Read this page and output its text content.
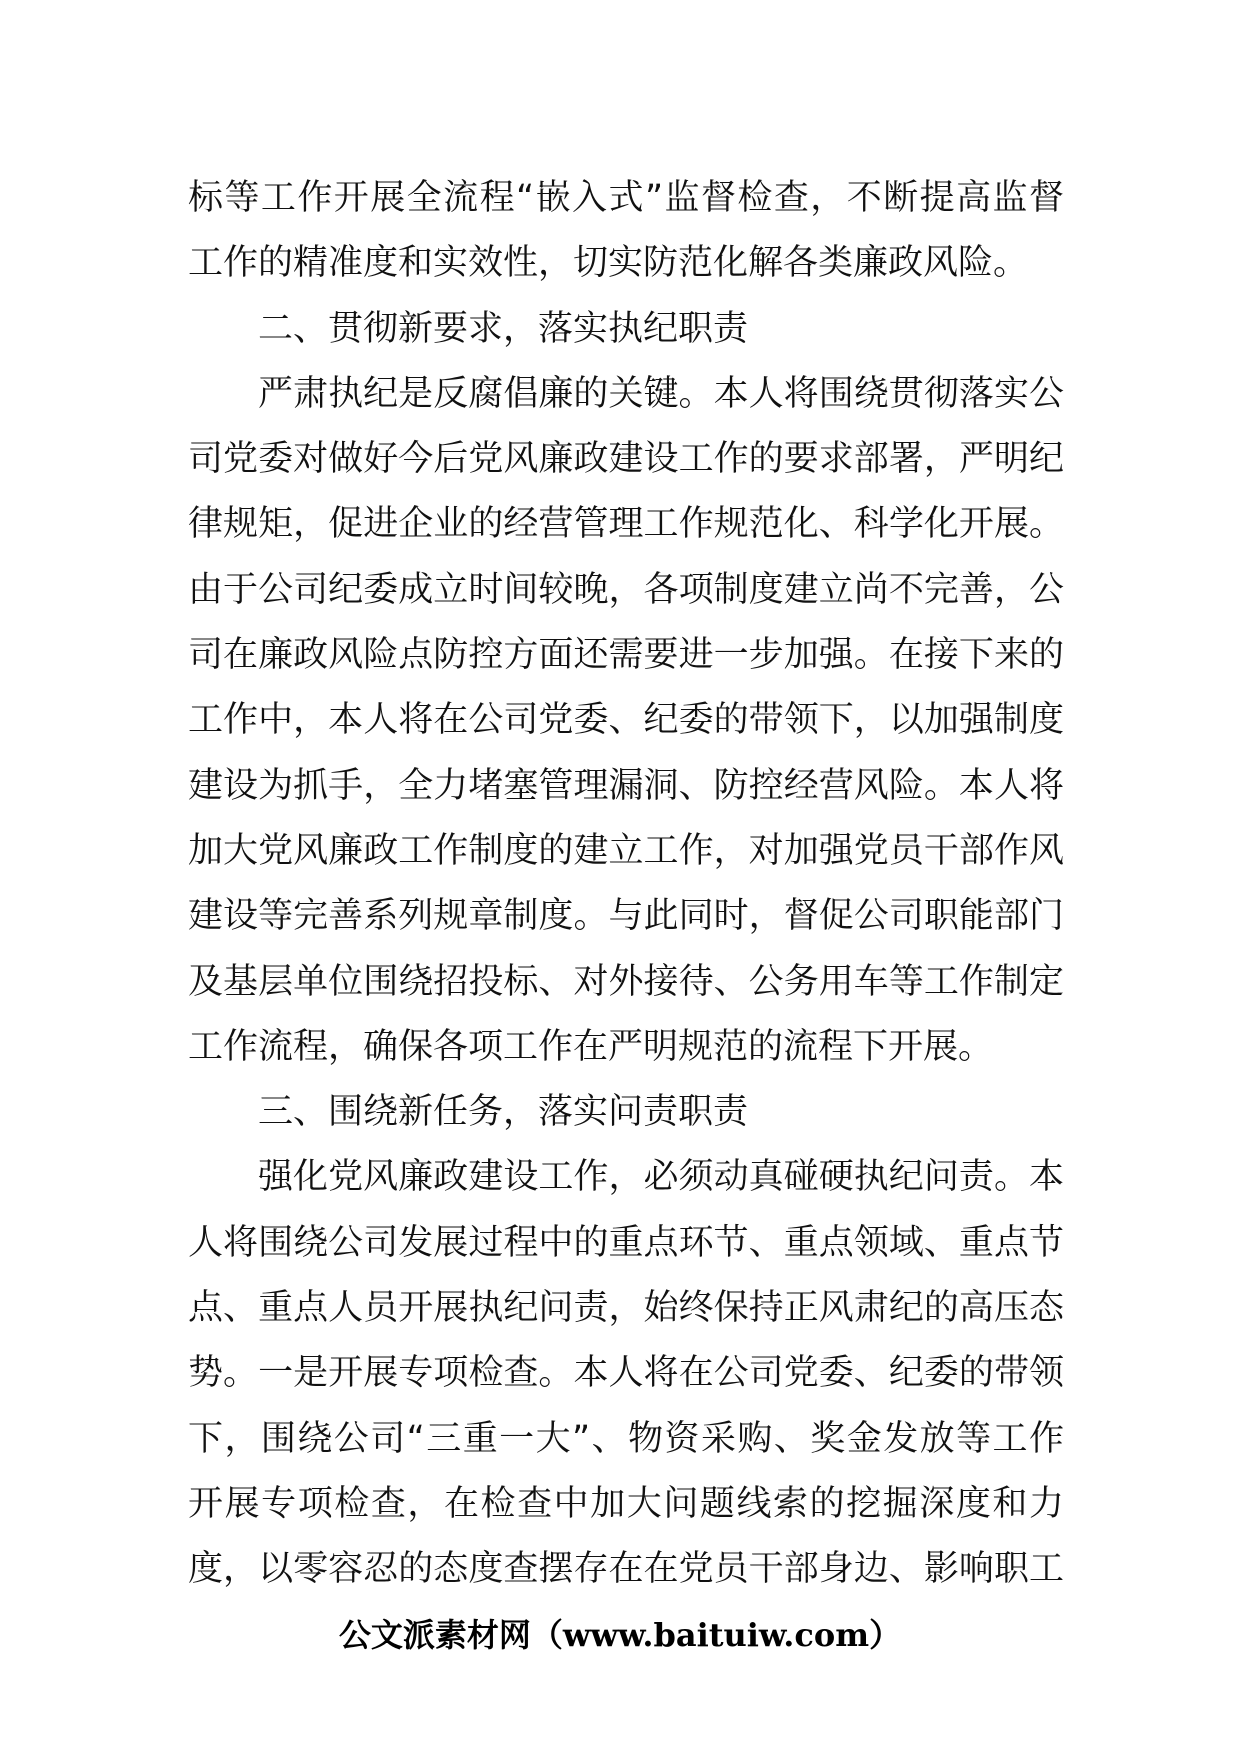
标等工作开展全流程“嵌入式”监督检查，不断提高监督
工作的精准度和实效性，切实防范化解各类廉政风险。
二、贯彻新要求，落实执纪职责
严肃执纪是反腐倡廉的关键。本人将围绕贯彻落实公
司党委对做好今后党风廉政建设工作的要求部署，严明纪
律规矩，促进企业的经营管理工作规范化、科学化开展。
由于公司纪委成立时间较晚，各项制度建立尚不完善，公
司在廉政风险点防控方面还需要进一步加强。在接下来的
工作中，本人将在公司党委、纪委的带领下，以加强制度
建设为抓手，全力堵塞管理漏洞、防控经营风险。本人将
加大党风廉政工作制度的建立工作，对加强党员干部作风
建设等完善系列规章制度。与此同时，督促公司职能部门
及基层单位围绕招投标、对外接待、公务用车等工作制定
工作流程，确保各项工作在严明规范的流程下开展。
三、围绕新任务，落实问责职责
强化党风廉政建设工作，必须动真碰硬执纪问责。本
人将围绕公司发展过程中的重点环节、重点领域、重点节
点、重点人员开展执纪问责，始终保持正风肃纪的高压态
势。一是开展专项检查。本人将在公司党委、纪委的带领
下，围绕公司“三重一大”、物资采购、奖金发放等工作
开展专项检查，在检查中加大问题线索的挖掘深度和力
度，以零容忍的态度查摆存在在党员干部身边、影响职工
公文派素材网（www.baituiw.com）
